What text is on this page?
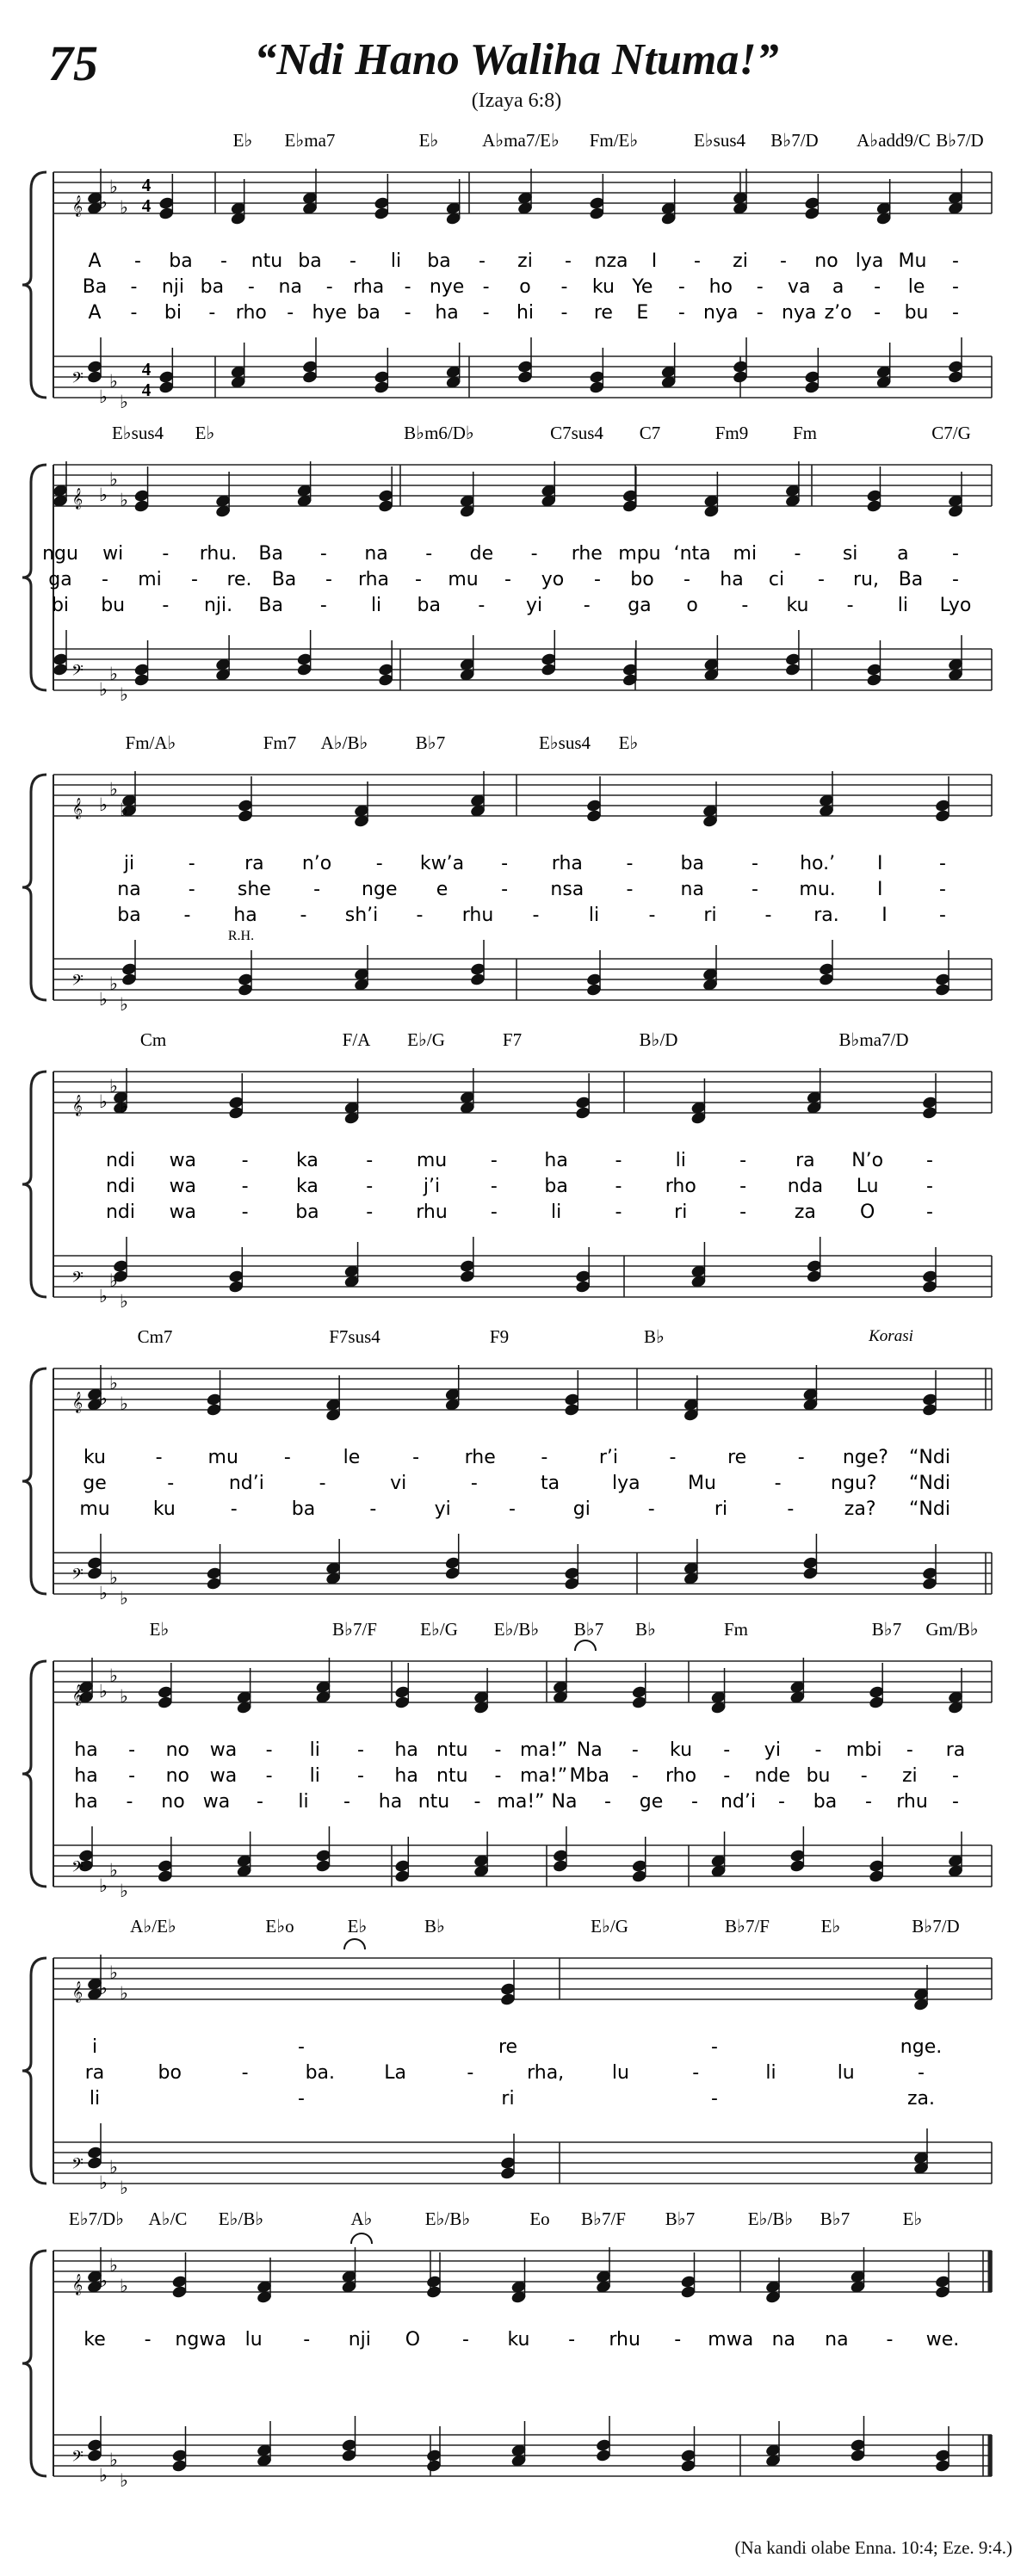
75	“Ndi Hano Waliha Ntuma!”
(Izaya 6:8)
𝄞
𝄢
♭
♭
♭
♭
♭
♭
4
4
4
4
E♭ E♭ma7	E♭ A♭ma7/E♭ Fm/E♭	E♭sus4 B♭7/D A♭add9/C B♭7/D
A - ba - ntu ba - li ba - zi - nza I - zi - no lya Mu -
Ba - nji ba - na - rha - nye - o - ku Ye - ho - va a - le -
A - bi - rho - hye ba - ha - hi - re E - nya - nya z’o - bu -
𝄞
𝄢
♭
♭
♭
♭
♭
♭
E♭sus4 E♭	B♭m6/D♭	C7sus4 C7	Fm9 Fm	C7/G
ngu wi - rhu. Ba - na - de - rhe mpu ‘nta mi - si a -
ga - mi - re. Ba - rha - mu - yo - bo - ha ci - ru, Ba -
bi bu - nji. Ba - li ba - yi - ga o - ku - li Lyo
𝄞
𝄢
♭
♭
♭
♭
♭
♭
Fm/A♭	Fm7 A♭/B♭	B♭7	E♭sus4 E♭
ji	-	ra n’o - kw’a - rha - ba - ho.’ I	-
na - she - nge e	- nsa - na - mu. I	-
ba - ha - sh’i - rhu -	li	-	ri	- ra. I	-
R.H.
𝄞
𝄢
♭
♭
♭
♭
♭
♭
Cm	F/A E♭/G	F7	B♭/D	B♭ma7/D
ndi wa -	ka	- mu - ha -	li	-	ra N’o -
ndi wa -	ka	-	j’i	- ba - rho - nda Lu	-
ndi wa - ba - rhu -	li	-	ri	-	za O	-
𝄞
𝄢
♭
♭
♭
♭
♭
♭
Cm7	F7sus4	F9	B♭
ku	- mu -	le	- rhe -	r’i	-	re	- nge? “Ndi
ge	-	nd’i	-	vi	-	ta	lya	Mu	-	ngu? “Ndi
mu ku	-	ba	-	yi	-	gi	-	ri	-	za? “Ndi
Korasi
𝄞
𝄢
♭
♭
♭
♭
♭
♭
E♭	B♭7/F E♭/G E♭/B♭ B♭7 B♭	Fm	B♭7 Gm/B♭
ha - no wa - li - ha ntu - ma!” Na - ku - yi - mbi - ra
ha - no wa - li - ha ntu - ma!” Mba - rho - nde bu - zi -
ha - no wa - li - ha ntu - ma!” Na - ge - nd’i - ba - rhu -
𝄞
𝄢
♭
♭
♭
♭
♭
♭
A♭/E♭	E♭o	E♭	B♭	E♭/G	B♭7/F	E♭	B♭7/D
i	-	re	-	nge.
ra	bo	-	ba.	La	-	rha,	lu	-	li	lu	-
li	-	ri	-	za.
𝄞
𝄢
♭
♭
♭
♭
♭
♭
E♭7/D♭ A♭/C E♭/B♭	A♭	E♭/B♭	Eo B♭7/F B♭7	E♭/B♭ B♭7	E♭
ke - ngwa lu - nji O - ku - rhu - mwa na na - we.
(Na kandi olabe Enna. 10:4; Eze. 9:4.)
